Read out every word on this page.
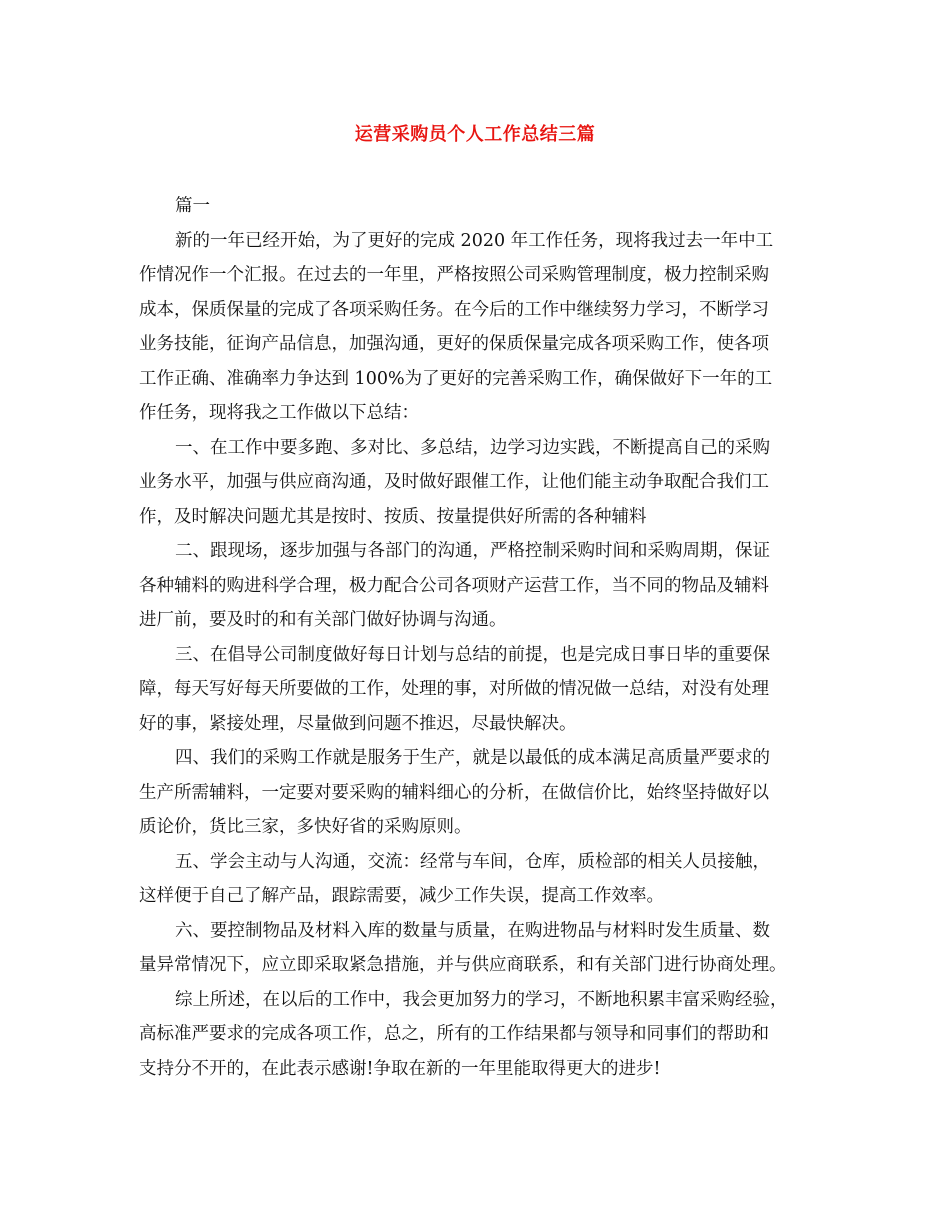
运营采购员个人工作总结三篇
篇一
新的一年已经开始，为了更好的完成 2020 年工作任务，现将我过去一年中工
作情况作一个汇报。在过去的一年里，严格按照公司采购管理制度，极力控制采购
成本，保质保量的完成了各项采购任务。在今后的工作中继续努力学习，不断学习
业务技能，征询产品信息，加强沟通，更好的保质保量完成各项采购工作，使各项
工作正确、准确率力争达到 100%为了更好的完善采购工作，确保做好下一年的工
作任务，现将我之工作做以下总结：
一、在工作中要多跑、多对比、多总结，边学习边实践，不断提高自己的采购
业务水平，加强与供应商沟通，及时做好跟催工作，让他们能主动争取配合我们工
作，及时解决问题尤其是按时、按质、按量提供好所需的各种辅料
二、跟现场，逐步加强与各部门的沟通，严格控制采购时间和采购周期，保证
各种辅料的购进科学合理，极力配合公司各项财产运营工作，当不同的物品及辅料
进厂前，要及时的和有关部门做好协调与沟通。
三、在倡导公司制度做好每日计划与总结的前提，也是完成日事日毕的重要保
障，每天写好每天所要做的工作，处理的事，对所做的情况做一总结，对没有处理
好的事，紧接处理，尽量做到问题不推迟，尽最快解决。
四、我们的采购工作就是服务于生产，就是以最低的成本满足高质量严要求的
生产所需辅料，一定要对要采购的辅料细心的分析，在做信价比，始终坚持做好以
质论价，货比三家，多快好省的采购原则。
五、学会主动与人沟通，交流：经常与车间，仓库，质检部的相关人员接触，
这样便于自己了解产品，跟踪需要，减少工作失误，提高工作效率。
六、要控制物品及材料入库的数量与质量，在购进物品与材料时发生质量、数
量异常情况下，应立即采取紧急措施，并与供应商联系，和有关部门进行协商处理。
综上所述，在以后的工作中，我会更加努力的学习，不断地积累丰富采购经验，
高标准严要求的完成各项工作，总之，所有的工作结果都与领导和同事们的帮助和
支持分不开的，在此表示感谢!争取在新的一年里能取得更大的进步!
